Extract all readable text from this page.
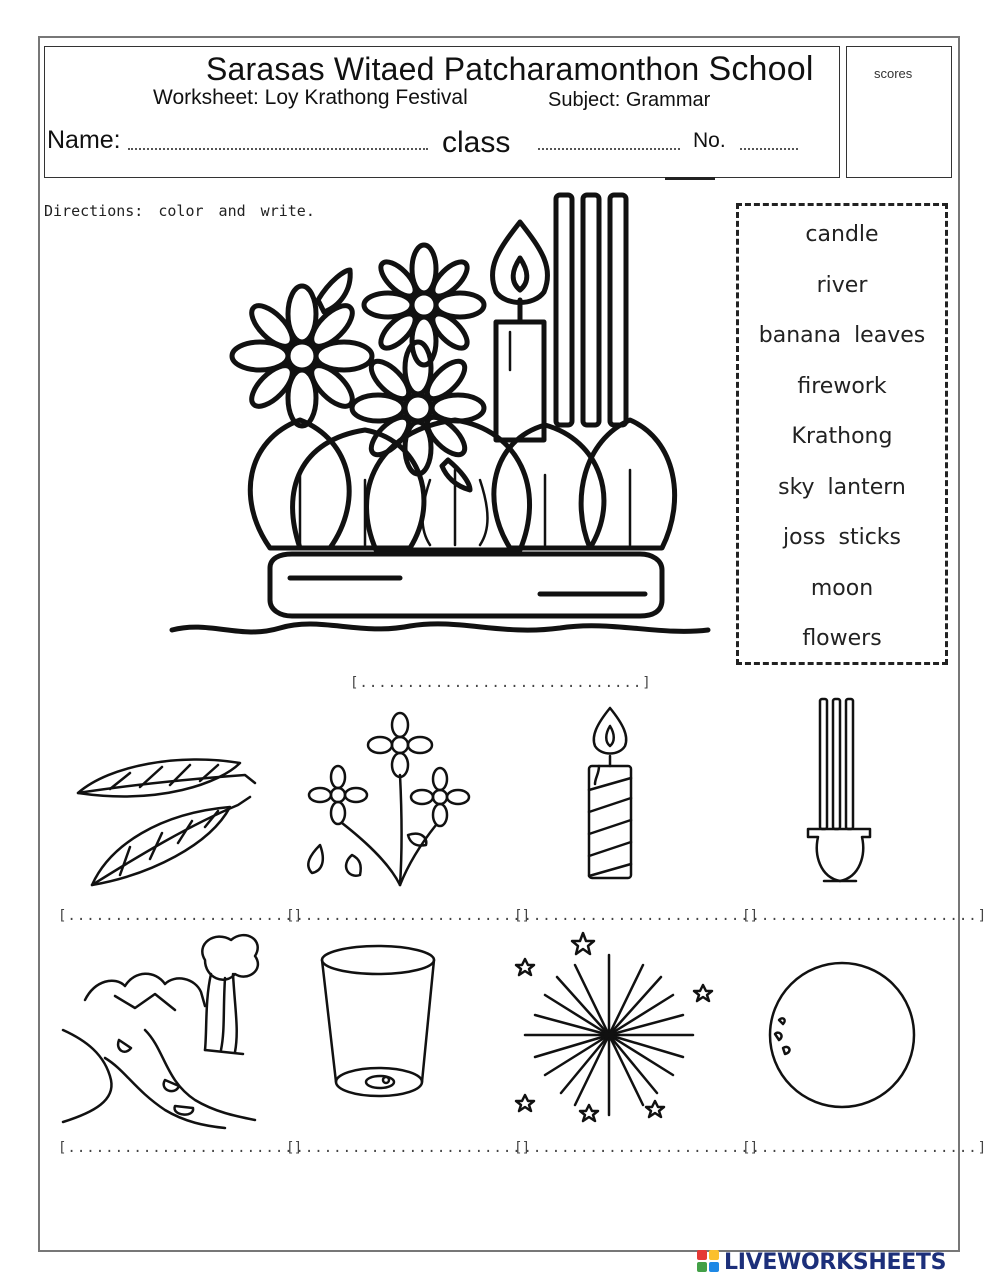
scores
Sarasas Witaed Patcharamonthon School
Worksheet: Loy Krathong Festival	Subject: Grammar
Name:	class	No.
Directions: color and write.
candle
river
banana leaves
firework
Krathong
sky lantern
joss sticks
moon
flowers
[..............................]
[........................]
[........................]
[........................]
[........................]
[........................]
[........................]
[........................]
[........................]
LIVEWORKSHEETS
